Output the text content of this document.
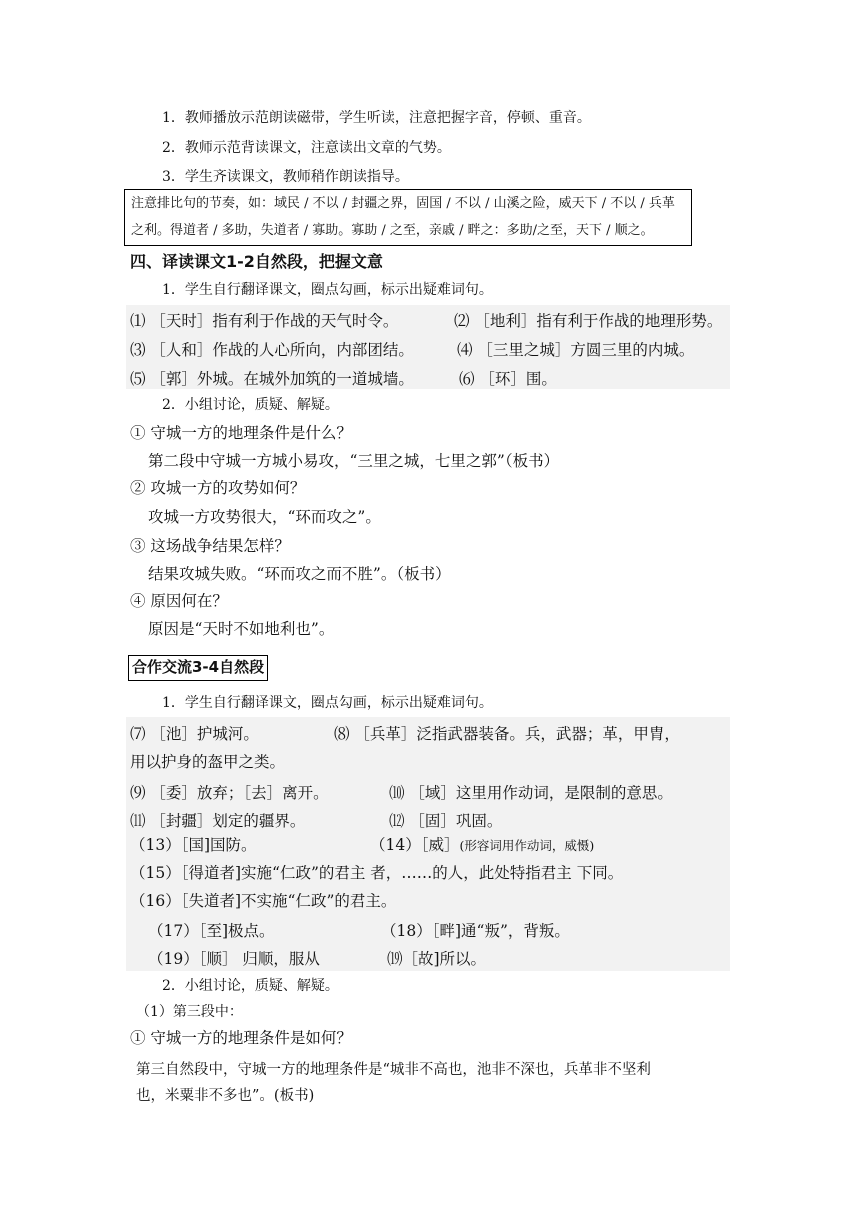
1．教师播放示范朗读磁带，学生听读，注意把握字音，停顿、重音。
2．教师示范背读课文，注意读出文章的气势。
3．学生齐读课文，教师稍作朗读指导。
注意排比句的节奏，如：域民 / 不以 / 封疆之界，固国 / 不以 / 山溪之险，威天下 / 不以 / 兵革
之利。得道者 / 多助，失道者 / 寡助。寡助 / 之至，亲戚 / 畔之：多助/之至，天下 / 顺之。
四、译读课文1-2自然段，把握文意
1．学生自行翻译课文，圈点勾画，标示出疑难词句。
⑴ ［天时］指有利于作战的天气时令。	⑵ ［地利］指有利于作战的地理形势。
⑶ ［人和］作战的人心所向，内部团结。	⑷ ［三里之城］方圆三里的内城。
⑸ ［郭］外城。在城外加筑的一道城墙。	⑹ ［环］围。
2．小组讨论，质疑、解疑。
① 守城一方的地理条件是什么？
第二段中守城一方城小易攻，“三里之城，七里之郭”（板书）
② 攻城一方的攻势如何？
攻城一方攻势很大，“环而攻之”。
③ 这场战争结果怎样？
结果攻城失败。“环而攻之而不胜”。（板书）
④ 原因何在？
原因是“天时不如地利也”。
合作交流3-4自然段
1．学生自行翻译课文，圈点勾画，标示出疑难词句。
⑺ ［池］护城河。	⑻ ［兵革］泛指武器装备。兵，武器；革，甲胄，
用以护身的盔甲之类。
⑼ ［委］放弃；［去］离开。	⑽ ［域］这里用作动词，是限制的意思。
⑾ ［封疆］划定的疆界。	⑿ ［固］巩固。
（13）［国]国防。	（14）［威］(形容词用作动词，威慑)
（15）［得道者]实施“仁政”的君主 者，……的人，此处特指君主 下同。
（16）［失道者]不实施“仁政”的君主。
（17）［至]极点。	（18）［畔]通“叛”，背叛。
（19）［顺］ 归顺，服从	⒆［故]所以。
2．小组讨论，质疑、解疑。
（1）第三段中：
① 守城一方的地理条件是如何？
第三自然段中，守城一方的地理条件是“城非不高也，池非不深也，兵革非不坚利
也，米粟非不多也”。(板书)
